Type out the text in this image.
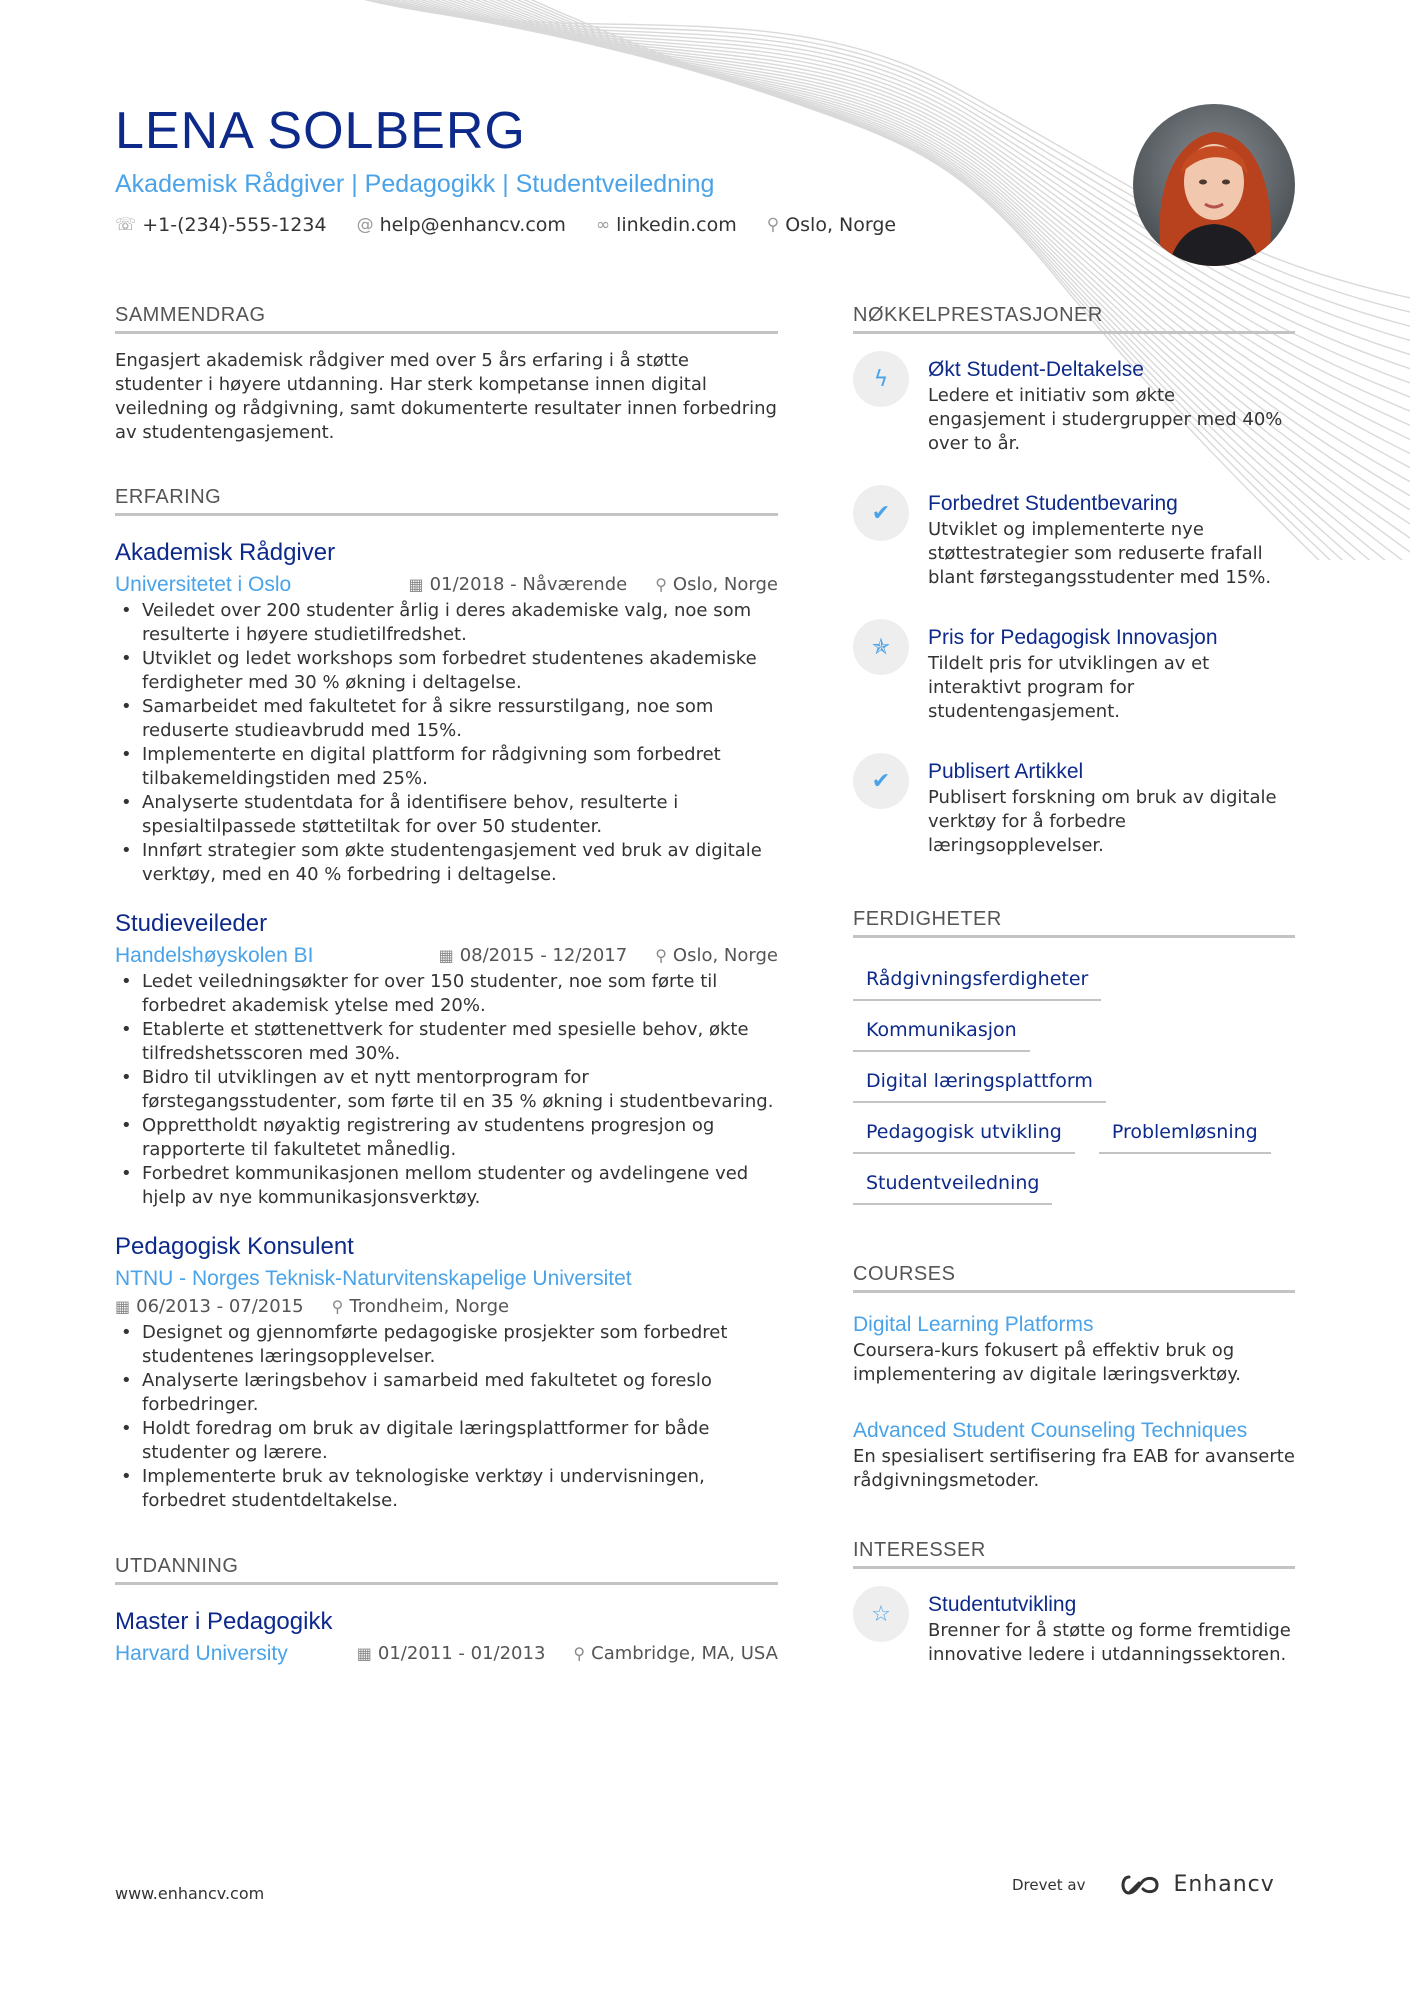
LENA SOLBERG
Akademisk Rådgiver | Pedagogikk | Studentveiledning
☏ +1-(234)-555-1234 @ help@enhancv.com ∞ linkedin.com ⚲ Oslo, Norge
SAMMENDRAG

Engasjert akademisk rådgiver med over 5 års erfaring i å støtte studenter i høyere utdanning. Har sterk kompetanse innen digital veiledning og rådgivning, samt dokumenterte resultater innen forbedring av studentengasjement.

ERFARING
Akademisk Rådgiver
Universitetet i Oslo	▦ 01/2018 - Nåværende ⚲ Oslo, Norge
• Veiledet over 200 studenter årlig i deres akademiske valg, noe som resulterte i høyere studietilfredshet.
• Utviklet og ledet workshops som forbedret studentenes akademiske ferdigheter med 30 % økning i deltagelse.
• Samarbeidet med fakultetet for å sikre ressurstilgang, noe som reduserte studieavbrudd med 15%.
• Implementerte en digital plattform for rådgivning som forbedret tilbakemeldingstiden med 25%.
• Analyserte studentdata for å identifisere behov, resulterte i spesialtilpassede støttetiltak for over 50 studenter.
• Innført strategier som økte studentengasjement ved bruk av digitale verktøy, med en 40 % forbedring i deltagelse.
Studieveileder
Handelshøyskolen BI	▦ 08/2015 - 12/2017 ⚲ Oslo, Norge
• Ledet veiledningsøkter for over 150 studenter, noe som førte til forbedret akademisk ytelse med 20%.
• Etablerte et støttenettverk for studenter med spesielle behov, økte tilfredshetsscoren med 30%.
• Bidro til utviklingen av et nytt mentorprogram for førstegangsstudenter, som førte til en 35 % økning i studentbevaring.
• Opprettholdt nøyaktig registrering av studentens progresjon og rapporterte til fakultetet månedlig.
• Forbedret kommunikasjonen mellom studenter og avdelingene ved hjelp av nye kommunikasjonsverktøy.
Pedagogisk Konsulent
NTNU - Norges Teknisk-Naturvitenskapelige Universitet
▦ 06/2013 - 07/2015 ⚲ Trondheim, Norge
• Designet og gjennomførte pedagogiske prosjekter som forbedret studentenes læringsopplevelser.
• Analyserte læringsbehov i samarbeid med fakultetet og foreslo forbedringer.
• Holdt foredrag om bruk av digitale læringsplattformer for både studenter og lærere.
• Implementerte bruk av teknologiske verktøy i undervisningen, forbedret studentdeltakelse.
UTDANNING
Master i Pedagogikk
Harvard University	▦ 01/2011 - 01/2013 ⚲ Cambridge, MA, USA
NØKKELPRESTASJONER
ϟ	Økt Student-Deltakelse
Ledere et initiativ som økte engasjement i studergrupper med 40% over to år.
✔	Forbedret Studentbevaring
Utviklet og implementerte nye støttestrategier som reduserte frafall blant førstegangsstudenter med 15%.
✯	Pris for Pedagogisk Innovasjon
Tildelt pris for utviklingen av et interaktivt program for studentengasjement.
✔	Publisert Artikkel
Publisert forskning om bruk av digitale verktøy for å forbedre læringsopplevelser.
FERDIGHETER
Rådgivningsferdigheter
Kommunikasjon
Digital læringsplattform
Pedagogisk utvikling	Problemløsning
Studentveiledning
COURSES
Digital Learning Platforms
Coursera-kurs fokusert på effektiv bruk og implementering av digitale læringsverktøy.
Advanced Student Counseling Techniques
En spesialisert sertifisering fra EAB for avanserte rådgivningsmetoder.
INTERESSER
☆	Studentutvikling
Brenner for å støtte og forme fremtidige innovative ledere i utdanningssektoren.
www.enhancv.com	Drevet av	Enhancv
